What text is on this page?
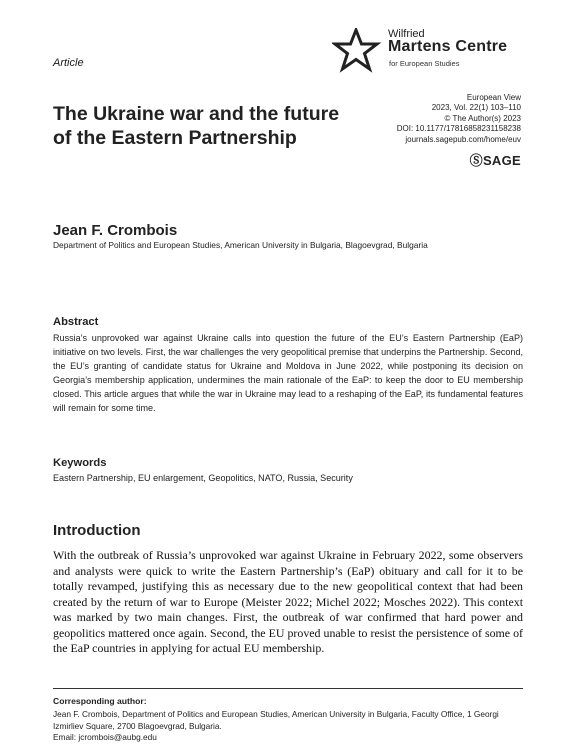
Article
Wilfried
Martens Centre
for European Studies
The Ukraine war and the future of the Eastern Partnership
European View
2023, Vol. 22(1) 103–110
© The Author(s) 2023
DOI: 10.1177/17816858231158238
journals.sagepub.com/home/euv
ⓈSAGE
Jean F. Crombois
Department of Politics and European Studies, American University in Bulgaria, Blagoevgrad, Bulgaria
Abstract
Russia’s unprovoked war against Ukraine calls into question the future of the EU’s Eastern Partnership (EaP) initiative on two levels. First, the war challenges the very geopolitical premise that underpins the Partnership. Second, the EU’s granting of candidate status for Ukraine and Moldova in June 2022, while postponing its decision on Georgia’s membership application, undermines the main rationale of the EaP: to keep the door to EU membership closed. This article argues that while the war in Ukraine may lead to a reshaping of the EaP, its fundamental features will remain for some time.
Keywords
Eastern Partnership, EU enlargement, Geopolitics, NATO, Russia, Security
Introduction
With the outbreak of Russia’s unprovoked war against Ukraine in February 2022, some observers and analysts were quick to write the Eastern Partnership’s (EaP) obituary and call for it to be totally revamped, justifying this as necessary due to the new geopolitical context that had been created by the return of war to Europe (Meister 2022; Michel 2022; Mosches 2022). This context was marked by two main changes. First, the outbreak of war confirmed that hard power and geopolitics mattered once again. Second, the EU proved unable to resist the persistence of some of the EaP countries in applying for actual EU membership.
Corresponding author:
Jean F. Crombois, Department of Politics and European Studies, American University in Bulgaria, Faculty Office, 1 Georgi Izmirliev Square, 2700 Blagoevgrad, Bulgaria.
Email: jcrombois@aubg.edu
